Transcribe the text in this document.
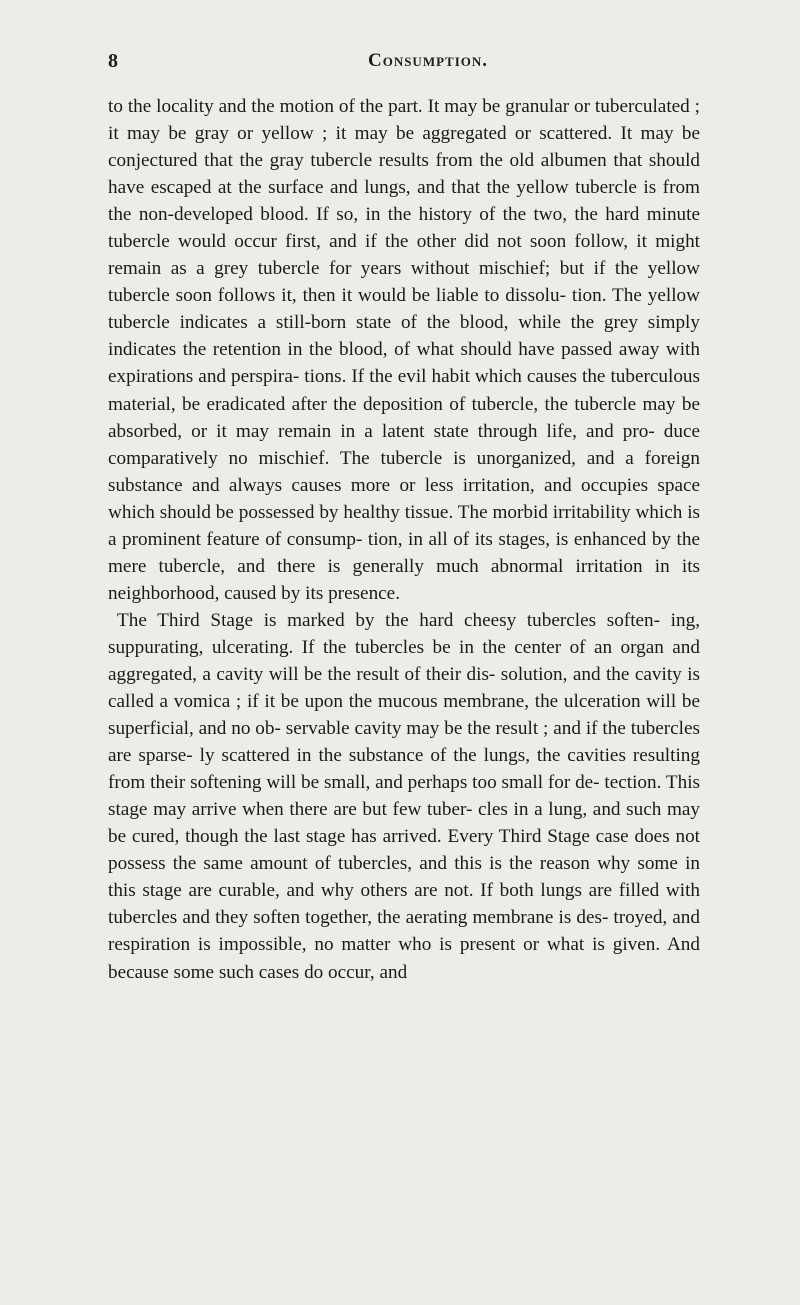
8	Consumption.

to the locality and the motion of the part. It may be granular or tuberculated ; it may be gray or yellow ; it may be aggregated or scattered. It may be conjectured that the gray tubercle results from the old albumen that should have escaped at the surface and lungs, and that the yellow tubercle is from the non-developed blood. If so, in the history of the two, the hard minute tubercle would occur first, and if the other did not soon follow, it might remain as a grey tubercle for years without mischief; but if the yellow tubercle soon follows it, then it would be liable to dissolu- tion. The yellow tubercle indicates a still-born state of the blood, while the grey simply indicates the retention in the blood, of what should have passed away with expirations and perspira- tions. If the evil habit which causes the tuberculous material, be eradicated after the deposition of tubercle, the tubercle may be absorbed, or it may remain in a latent state through life, and pro- duce comparatively no mischief. The tubercle is unorganized, and a foreign substance and always causes more or less irritation, and occupies space which should be possessed by healthy tissue. The morbid irritability which is a prominent feature of consump- tion, in all of its stages, is enhanced by the mere tubercle, and there is generally much abnormal irritation in its neighborhood, caused by its presence.

The Third Stage is marked by the hard cheesy tubercles soften- ing, suppurating, ulcerating. If the tubercles be in the center of an organ and aggregated, a cavity will be the result of their dis- solution, and the cavity is called a vomica ; if it be upon the mucous membrane, the ulceration will be superficial, and no ob- servable cavity may be the result ; and if the tubercles are sparse- ly scattered in the substance of the lungs, the cavities resulting from their softening will be small, and perhaps too small for de- tection. This stage may arrive when there are but few tuber- cles in a lung, and such may be cured, though the last stage has arrived. Every Third Stage case does not possess the same amount of tubercles, and this is the reason why some in this stage are curable, and why others are not. If both lungs are filled with tubercles and they soften together, the aerating membrane is des- troyed, and respiration is impossible, no matter who is present or what is given. And because some such cases do occur, and
